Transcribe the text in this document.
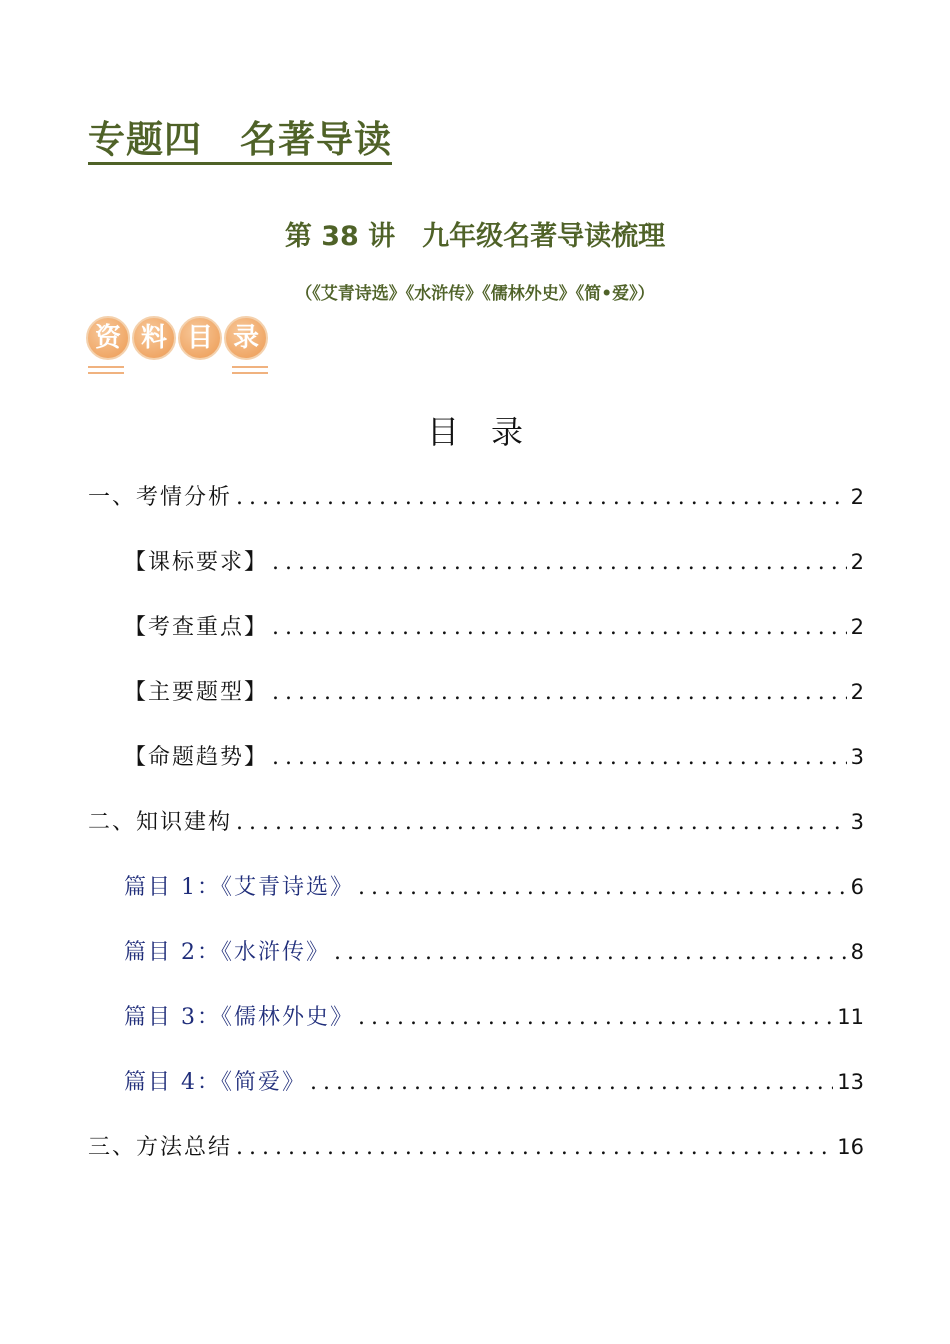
专题四　名著导读
第 38 讲　九年级名著导读梳理
（《艾青诗选》《水浒传》《儒林外史》《简•爱》）
资 料 目 录
目　录
一、考情分析 .....	2
【课标要求】 .....	2
【考查重点】 .....	2
【主要题型】 .....	2
【命题趋势】 .....	3
二、知识建构 .....	3
篇目 1：《艾青诗选》 .....	6
篇目 2：《水浒传》 .....	8
篇目 3：《儒林外史》 .....	11
篇目 4：《简爱》 .....	13
三、方法总结 .....	16
